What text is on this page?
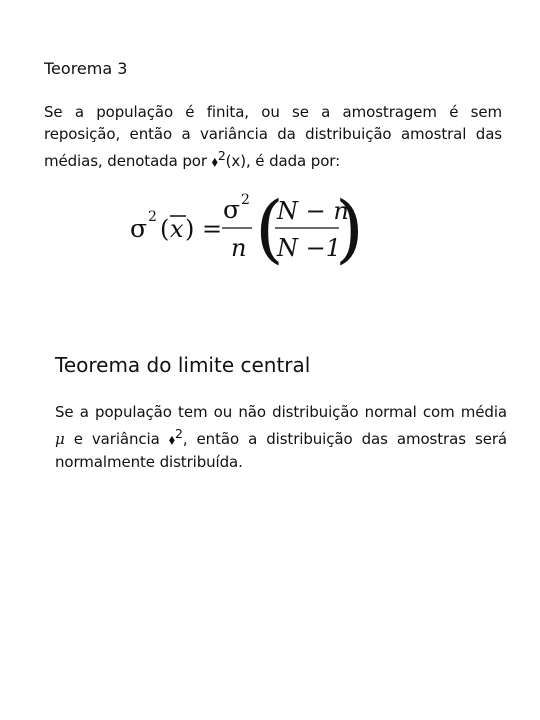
Teorema 3

Se a população é finita, ou se a amostragem é sem reposição, então a variância da distribuição amostral das médias, denotada por ⬧$^2$(x), é dada por:

σ 2 ( x ) =
σ 2
n (
N − n
N −1
)
Teorema do limite central

Se a população tem ou não distribuição normal com média μ e variância ⬧$^2$, então a distribuição das amostras será normalmente distribuída.
